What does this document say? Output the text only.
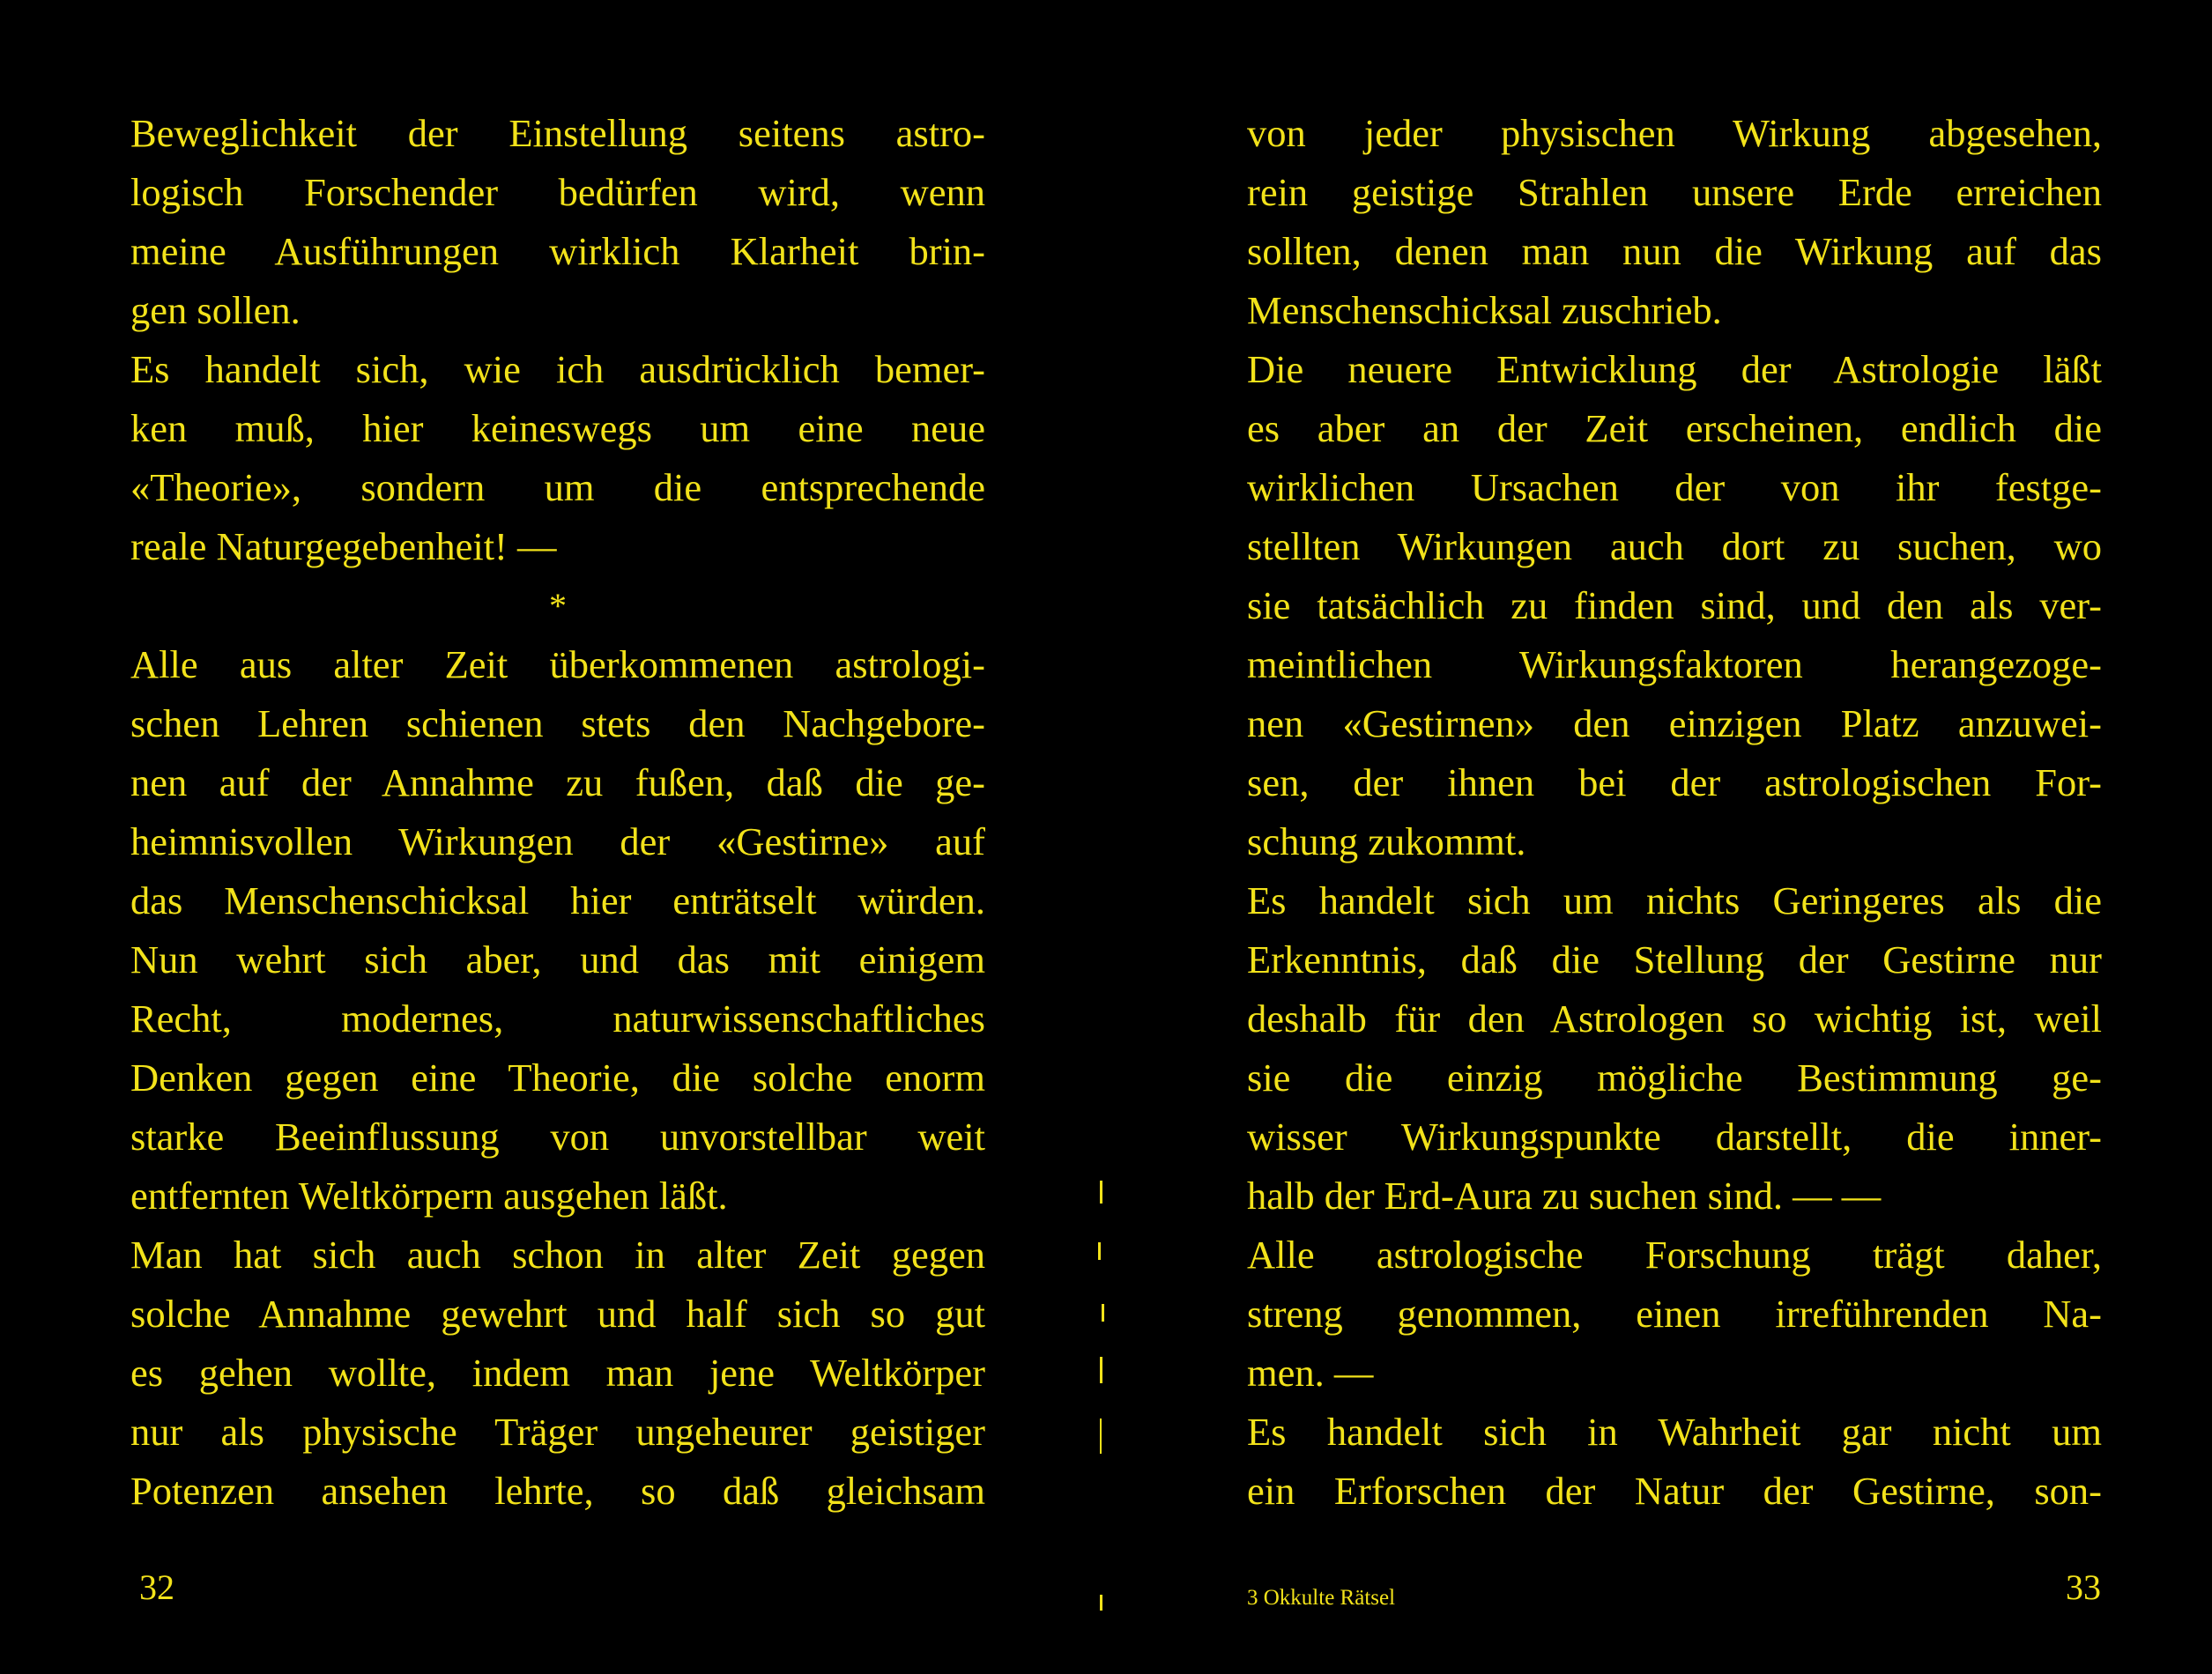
Beweglichkeit der Einstellung seitens astro-
logisch Forschender bedürfen wird, wenn
meine Ausführungen wirklich Klarheit brin-
gen sollen.
Es handelt sich, wie ich ausdrücklich bemer-
ken muß, hier keineswegs um eine neue
«Theorie», sondern um die entsprechende
reale Naturgegebenheit! —
*
Alle aus alter Zeit überkommenen astrologi-
schen Lehren schienen stets den Nachgebore-
nen auf der Annahme zu fußen, daß die ge-
heimnisvollen Wirkungen der «Gestirne» auf
das Menschenschicksal hier enträtselt würden.
Nun wehrt sich aber, und das mit einigem
Recht, modernes, naturwissenschaftliches
Denken gegen eine Theorie, die solche enorm
starke Beeinflussung von unvorstellbar weit
entfernten Weltkörpern ausgehen läßt.
Man hat sich auch schon in alter Zeit gegen
solche Annahme gewehrt und half sich so gut
es gehen wollte, indem man jene Weltkörper
nur als physische Träger ungeheurer geistiger
Potenzen ansehen lehrte, so daß gleichsam
32
von jeder physischen Wirkung abgesehen,
rein geistige Strahlen unsere Erde erreichen
sollten, denen man nun die Wirkung auf das
Menschenschicksal zuschrieb.
Die neuere Entwicklung der Astrologie läßt
es aber an der Zeit erscheinen, endlich die
wirklichen Ursachen der von ihr festge-
stellten Wirkungen auch dort zu suchen, wo
sie tatsächlich zu finden sind, und den als ver-
meintlichen Wirkungsfaktoren herangezoge-
nen «Gestirnen» den einzigen Platz anzuwei-
sen, der ihnen bei der astrologischen For-
schung zukommt.
Es handelt sich um nichts Geringeres als die
Erkenntnis, daß die Stellung der Gestirne nur
deshalb für den Astrologen so wichtig ist, weil
sie die einzig mögliche Bestimmung ge-
wisser Wirkungspunkte darstellt, die inner-
halb der Erd-Aura zu suchen sind. — —
Alle astrologische Forschung trägt daher,
streng genommen, einen irreführenden Na-
men. —
Es handelt sich in Wahrheit gar nicht um
ein Erforschen der Natur der Gestirne, son-
3 Okkulte Rätsel	33
